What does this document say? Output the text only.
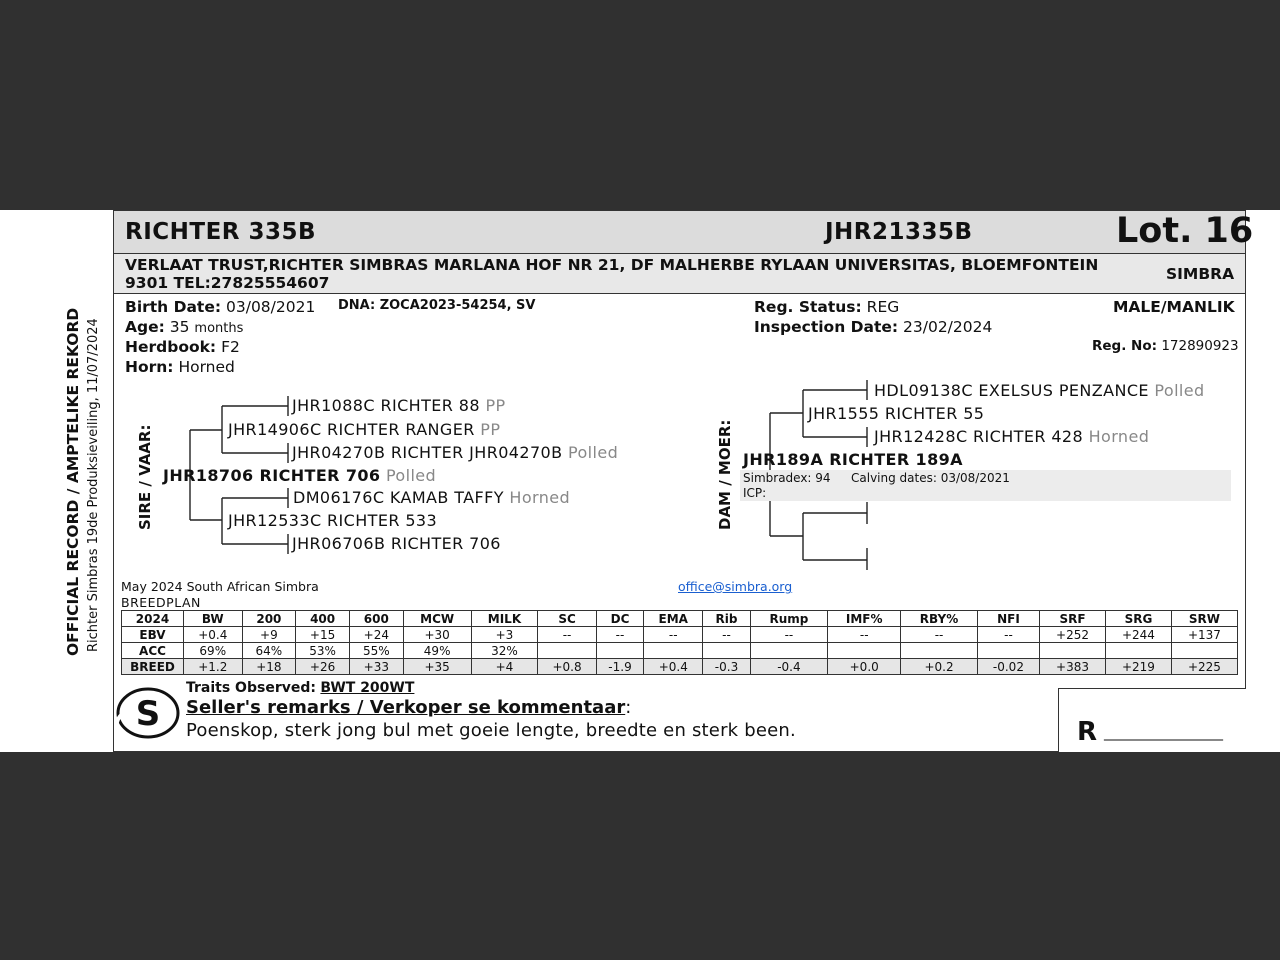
RICHTER 335B	JHR21335B	Lot. 16
VERLAAT TRUST,RICHTER SIMBRAS MARLANA HOF NR 21, DF MALHERBE RYLAAN UNIVERSITAS, BLOEMFONTEIN
9301 TEL:27825554607	SIMBRA
OFFICIAL RECORD / AMPTELIKE REKORD Richter Simbras 19de Produksieveiling, 11/07/2024
Birth Date: 03/08/2021 DNA: ZOCA2023-54254, SV
Age: 35 months
Herdbook: F2
Horn: Horned
Reg. Status: REG
Inspection Date: 23/02/2024
MALE/MANLIK
Reg. No: 172890923
SIRE / VAAR:
JHR1088C RICHTER 88 PP
JHR14906C RICHTER RANGER PP
JHR04270B RICHTER JHR04270B Polled
JHR18706 RICHTER 706 Polled
DM06176C KAMAB TAFFY Horned
JHR12533C RICHTER 533
JHR06706B RICHTER 706
DAM / MOER:
HDL09138C EXELSUS PENZANCE Polled
JHR1555 RICHTER 55
JHR12428C RICHTER 428 Horned
JHR189A RICHTER 189A
Simbradex: 94 Calving dates: 03/08/2021
ICP:
May 2024 South African Simbra
BREEDPLAN
office@simbra.org
2024	BW	200	400	600	MCW	MILK	SC	DC	EMA	Rib	Rump	IMF%	RBY%	NFI	SRF	SRG	SRW
EBV	+0.4	+9	+15	+24	+30	+3	--	--	--	--	--	--	--	--	+252	+244	+137
ACC	69%	64%	53%	55%	49%	32%											
BREED	+1.2	+18	+26	+33	+35	+4	+0.8	-1.9	+0.4	-0.3	-0.4	+0.0	+0.2	-0.02	+383	+219	+225
S
Traits Observed: BWT 200WT
Seller's remarks / Verkoper se kommentaar:
Poenskop, sterk jong bul met goeie lengte, breedte en sterk been.	R _________________
